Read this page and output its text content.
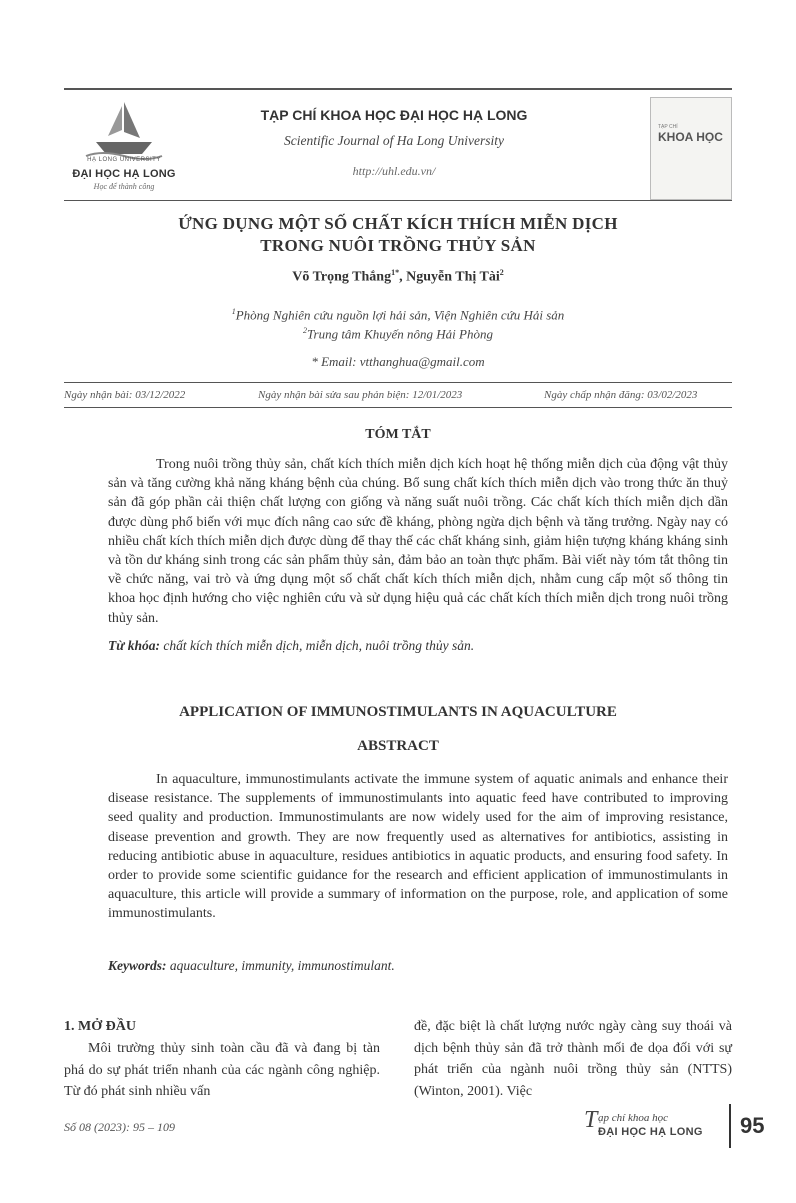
HẠ LONG UNIVERSITY
ĐẠI HỌC HẠ LONG
Học để thành công
TẠP CHÍ KHOA HỌC ĐẠI HỌC HẠ LONG
Scientific Journal of Ha Long University
http://uhl.edu.vn/
TẠP CHÍ
KHOA HỌC
ỨNG DỤNG MỘT SỐ CHẤT KÍCH THÍCH MIỄN DỊCH
TRONG NUÔI TRỒNG THỦY SẢN
Võ Trọng Thắng$^{1*}$, Nguyễn Thị Tài$^2$
$^1$Phòng Nghiên cứu nguồn lợi hải sản, Viện Nghiên cứu Hải sản
$^2$Trung tâm Khuyến nông Hải Phòng
* Email: vtthanghua@gmail.com
Ngày nhận bài: 03/12/2022	Ngày nhận bài sửa sau phản biện: 12/01/2023	Ngày chấp nhận đăng: 03/02/2023
TÓM TẮT

Trong nuôi trồng thủy sản, chất kích thích miễn dịch kích hoạt hệ thống miễn dịch của động vật thủy sản và tăng cường khả năng kháng bệnh của chúng. Bổ sung chất kích thích miễn dịch vào trong thức ăn thuỷ sản đã góp phần cải thiện chất lượng con giống và năng suất nuôi trồng. Các chất kích thích miễn dịch dần được dùng phổ biến với mục đích nâng cao sức đề kháng, phòng ngừa dịch bệnh và tăng trưởng. Ngày nay có nhiều chất kích thích miễn dịch được dùng để thay thế các chất kháng sinh, giảm hiện tượng kháng kháng sinh và tồn dư kháng sinh trong các sản phẩm thủy sản, đảm bảo an toàn thực phẩm. Bài viết này tóm tắt thông tin về chức năng, vai trò và ứng dụng một số chất chất kích thích miễn dịch, nhằm cung cấp một số thông tin khoa học định hướng cho việc nghiên cứu và sử dụng hiệu quả các chất kích thích miễn dịch trong nuôi trồng thủy sản.

Từ khóa: chất kích thích miễn dịch, miễn dịch, nuôi trồng thủy sản.
APPLICATION OF IMMUNOSTIMULANTS IN AQUACULTURE
ABSTRACT

In aquaculture, immunostimulants activate the immune system of aquatic animals and enhance their disease resistance. The supplements of immunostimulants into aquatic feed have contributed to improving seed quality and production. Immunostimulants are now widely used for the aim of improving resistance, disease prevention and growth. They are now frequently used as alternatives for antibiotics, assisting in reducing antibiotic abuse in aquaculture, residues antibiotics in aquatic products, and ensuring food safety. In order to provide some scientific guidance for the research and efficient application of immunostimulants in aquaculture, this article will provide a summary of information on the purpose, role, and application of some immunostimulants.

Keywords: aquaculture, immunity, immunostimulant.
1. MỞ ĐẦU

Môi trường thủy sinh toàn cầu đã và đang bị tàn phá do sự phát triển nhanh của các ngành công nghiệp. Từ đó phát sinh nhiều vấn

đề, đặc biệt là chất lượng nước ngày càng suy thoái và dịch bệnh thủy sản đã trở thành mối đe dọa đối với sự phát triển của ngành nuôi trồng thủy sản (NTTS) (Winton, 2001). Việc

Số 08 (2023): 95 – 109	T ạp chí khoa học
ĐẠI HỌC HẠ LONG 95
